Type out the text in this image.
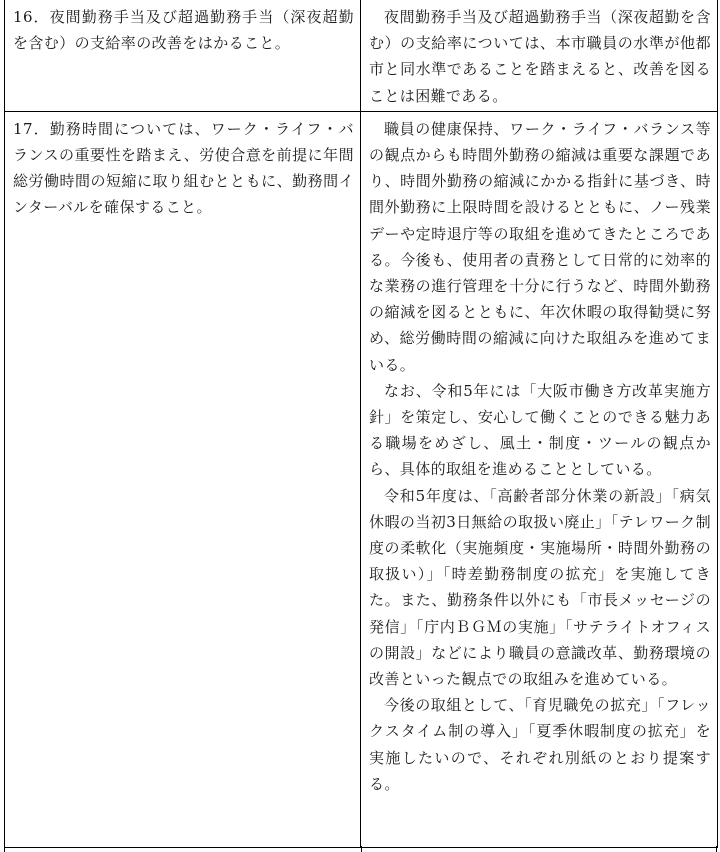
16．夜間勤務手当及び超過勤務手当（深夜超勤を含む）の支給率の改善をはかること。	夜間勤務手当及び超過勤務手当（深夜超勤を含む）の支給率については、本市職員の水準が他都市と同水準であることを踏まえると、改善を図ることは困難である。

17．勤務時間については、ワーク・ライフ・バランスの重要性を踏まえ、労使合意を前提に年間総労働時間の短縮に取り組むとともに、勤務間インターバルを確保すること。	職員の健康保持、ワーク・ライフ・バランス等の観点からも時間外勤務の縮減は重要な課題であり、時間外勤務の縮減にかかる指針に基づき、時間外勤務に上限時間を設けるとともに、ノー残業デーや定時退庁等の取組を進めてきたところである。今後も、使用者の責務として日常的に効率的な業務の進行管理を十分に行うなど、時間外勤務の縮減を図るとともに、年次休暇の取得勧奨に努め、総労働時間の縮減に向けた取組みを進めてまいる。

なお、令和5年には「大阪市働き方改革実施方針」を策定し、安心して働くことのできる魅力ある職場をめざし、風土・制度・ツールの観点から、具体的取組を進めることとしている。

令和5年度は、「高齢者部分休業の新設」「病気休暇の当初3日無給の取扱い廃止」「テレワーク制度の柔軟化（実施頻度・実施場所・時間外勤務の取扱い）」「時差勤務制度の拡充」を実施してきた。また、勤務条件以外にも「市長メッセージの発信」「庁内ＢＧＭの実施」「サテライトオフィスの開設」などにより職員の意識改革、勤務環境の改善といった観点での取組みを進めている。

今後の取組として、「育児職免の拡充」「フレックスタイム制の導入」「夏季休暇制度の拡充」を実施したいので、それぞれ別紙のとおり提案する。
